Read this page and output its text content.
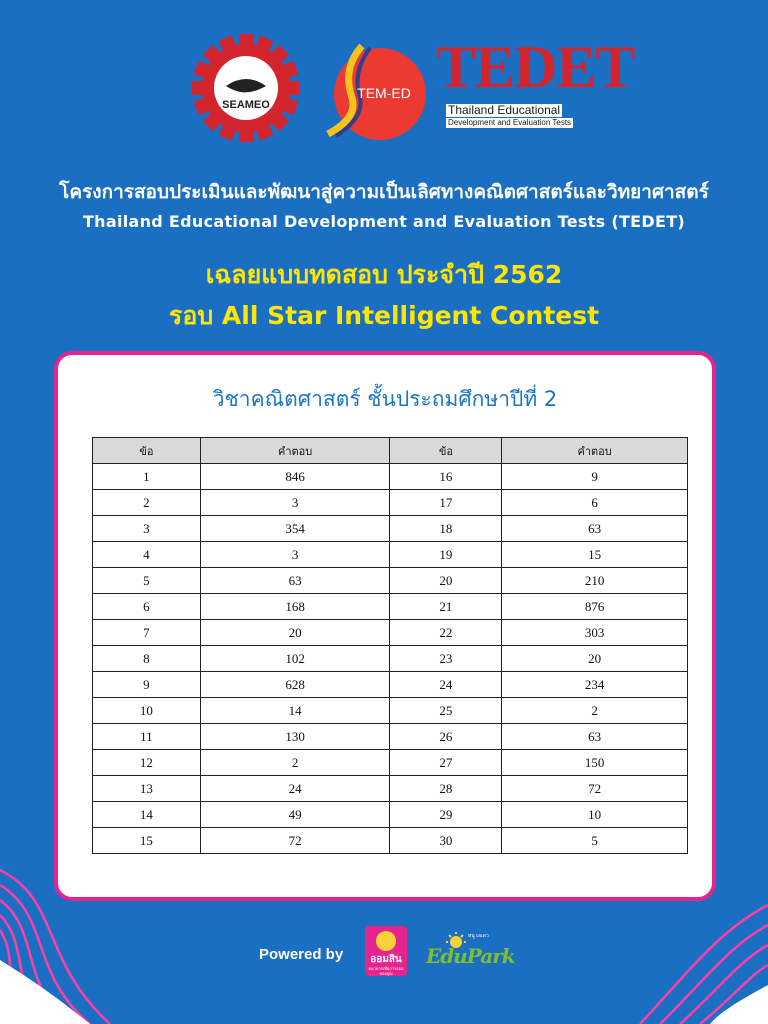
SEAMEO
TEM-ED TEDET
Thailand Educational
Development and Evaluation Tests
โครงการสอบประเมินและพัฒนาสู่ความเป็นเลิศทางคณิตศาสตร์และวิทยาศาสตร์
Thailand Educational Development and Evaluation Tests (TEDET)
เฉลยแบบทดสอบ ประจำปี 2562
รอบ All Star Intelligent Contest
วิชาคณิตศาสตร์ ชั้นประถมศึกษาปีที่ 2
ข้อ	คำตอบ	ข้อ	คำตอบ
1	846	16	9
2	3	17	6
3	354	18	63
4	3	19	15
5	63	20	210
6	168	21	876
7	20	22	303
8	102	23	20
9	628	24	234
10	14	25	2
11	130	26	63
12	2	27	150
13	24	28	72
14	49	29	10
15	72	30	5
Powered by	ออมสิน
ธนาคารเพื่อการออมของคุณ
หนู เอเดว
EduPark
